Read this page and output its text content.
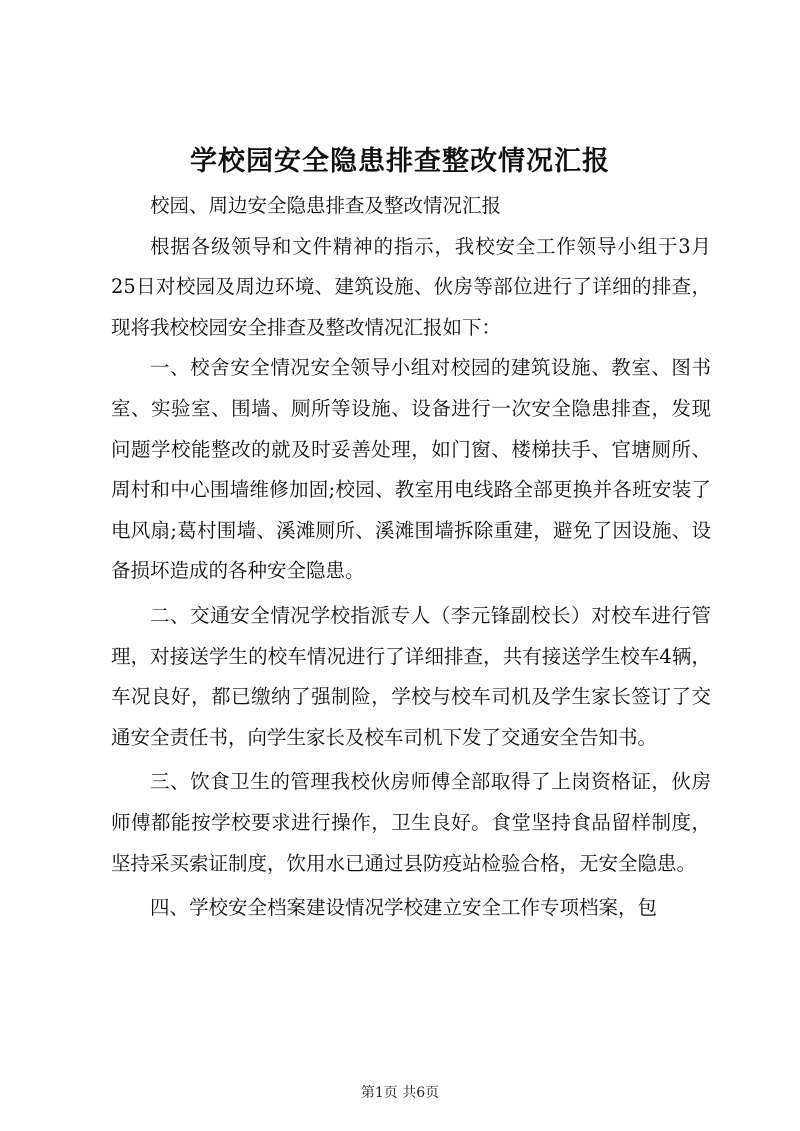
学校园安全隐患排查整改情况汇报

校园、周边安全隐患排查及整改情况汇报

根据各级领导和文件精神的指示，我校安全工作领导小组于3月25日对校园及周边环境、建筑设施、伙房等部位进行了详细的排查，现将我校校园安全排查及整改情况汇报如下：

一、校舍安全情况安全领导小组对校园的建筑设施、教室、图书室、实验室、围墙、厕所等设施、设备进行一次安全隐患排查，发现问题学校能整改的就及时妥善处理，如门窗、楼梯扶手、官塘厕所、周村和中心围墙维修加固;校园、教室用电线路全部更换并各班安装了电风扇;葛村围墙、溪滩厕所、溪滩围墙拆除重建，避免了因设施、设备损坏造成的各种安全隐患。

二、交通安全情况学校指派专人（李元锋副校长）对校车进行管理，对接送学生的校车情况进行了详细排查，共有接送学生校车4辆，车况良好，都已缴纳了强制险，学校与校车司机及学生家长签订了交通安全责任书，向学生家长及校车司机下发了交通安全告知书。

三、饮食卫生的管理我校伙房师傅全部取得了上岗资格证，伙房师傅都能按学校要求进行操作，卫生良好。食堂坚持食品留样制度，坚持采买索证制度，饮用水已通过县防疫站检验合格，无安全隐患。

四、学校安全档案建设情况学校建立安全工作专项档案，包

第1页 共6页
